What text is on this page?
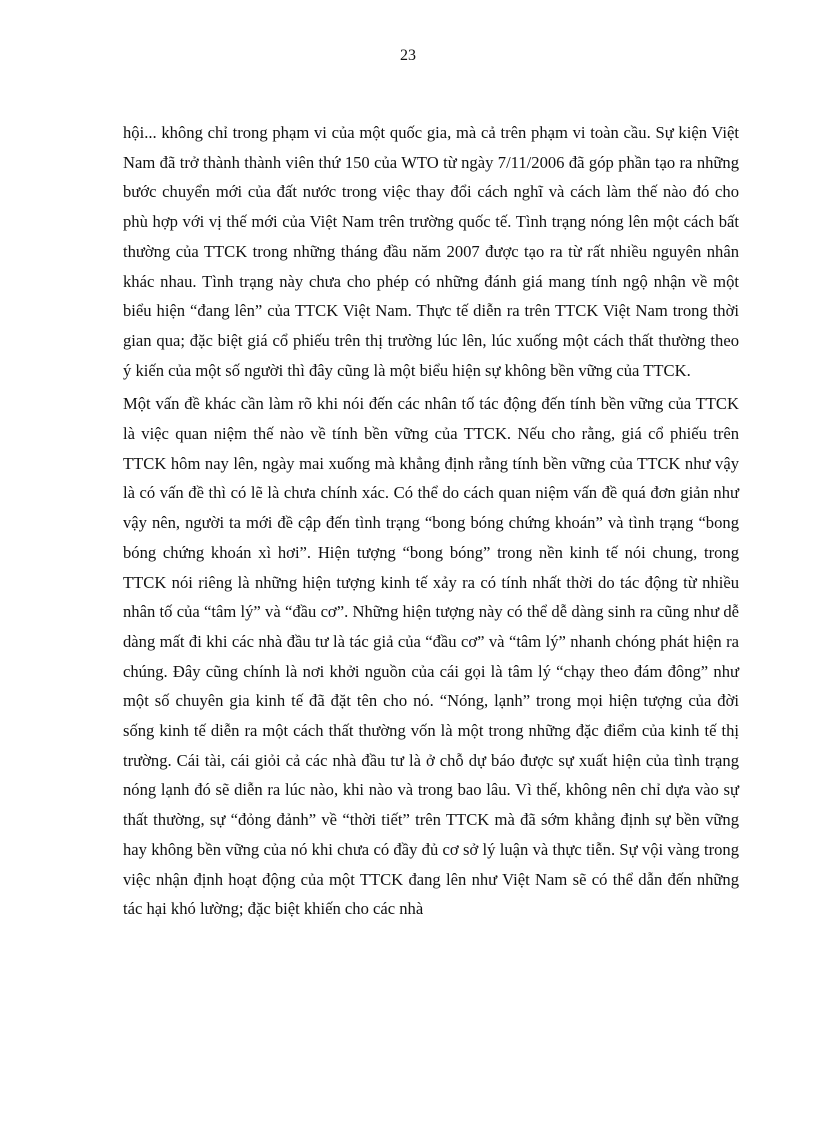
23

hội... không chỉ trong phạm vi của một quốc gia, mà cả trên phạm vi toàn cầu. Sự kiện Việt Nam đã trở thành thành viên thứ 150 của WTO từ ngày 7/11/2006 đã góp phần tạo ra những bước chuyển mới của đất nước trong việc thay đổi cách nghĩ và cách làm thế nào đó cho phù hợp với vị thế mới của Việt Nam trên trường quốc tế. Tình trạng nóng lên một cách bất thường của TTCK trong những tháng đầu năm 2007 được tạo ra từ rất nhiều nguyên nhân khác nhau. Tình trạng này chưa cho phép có những đánh giá mang tính ngộ nhận về một biểu hiện “đang lên” của TTCK Việt Nam. Thực tế diễn ra trên TTCK Việt Nam trong thời gian qua; đặc biệt giá cổ phiếu trên thị trường lúc lên, lúc xuống một cách thất thường theo ý kiến của một số người thì đây cũng là một biểu hiện sự không bền vững của TTCK.

Một vấn đề khác cần làm rõ khi nói đến các nhân tố tác động đến tính bền vững của TTCK là việc quan niệm thế nào về tính bền vững của TTCK. Nếu cho rằng, giá cổ phiếu trên TTCK hôm nay lên, ngày mai xuống mà khẳng định rằng tính bền vững của TTCK như vậy là có vấn đề thì có lẽ là chưa chính xác. Có thể do cách quan niệm vấn đề quá đơn giản như vậy nên, người ta mới đề cập đến tình trạng “bong bóng chứng khoán” và tình trạng “bong bóng chứng khoán xì hơi”. Hiện tượng “bong bóng” trong nền kinh tế nói chung, trong TTCK nói riêng là những hiện tượng kinh tế xảy ra có tính nhất thời do tác động từ nhiều nhân tố của “tâm lý” và “đầu cơ”. Những hiện tượng này có thể dễ dàng sinh ra cũng như dễ dàng mất đi khi các nhà đầu tư là tác giả của “đầu cơ” và “tâm lý” nhanh chóng phát hiện ra chúng. Đây cũng chính là nơi khởi nguồn của cái gọi là tâm lý “chạy theo đám đông” như một số chuyên gia kinh tế đã đặt tên cho nó. “Nóng, lạnh” trong mọi hiện tượng của đời sống kinh tế diễn ra một cách thất thường vốn là một trong những đặc điểm của kinh tế thị trường. Cái tài, cái giỏi cả các nhà đầu tư là ở chỗ dự báo được sự xuất hiện của tình trạng nóng lạnh đó sẽ diễn ra lúc nào, khi nào và trong bao lâu. Vì thế, không nên chỉ dựa vào sự thất thường, sự “đỏng đảnh” về “thời tiết” trên TTCK mà đã sớm khẳng định sự bền vững hay không bền vững của nó khi chưa có đầy đủ cơ sở lý luận và thực tiễn. Sự vội vàng trong việc nhận định hoạt động của một TTCK đang lên như Việt Nam sẽ có thể dẫn đến những tác hại khó lường; đặc biệt khiến cho các nhà
